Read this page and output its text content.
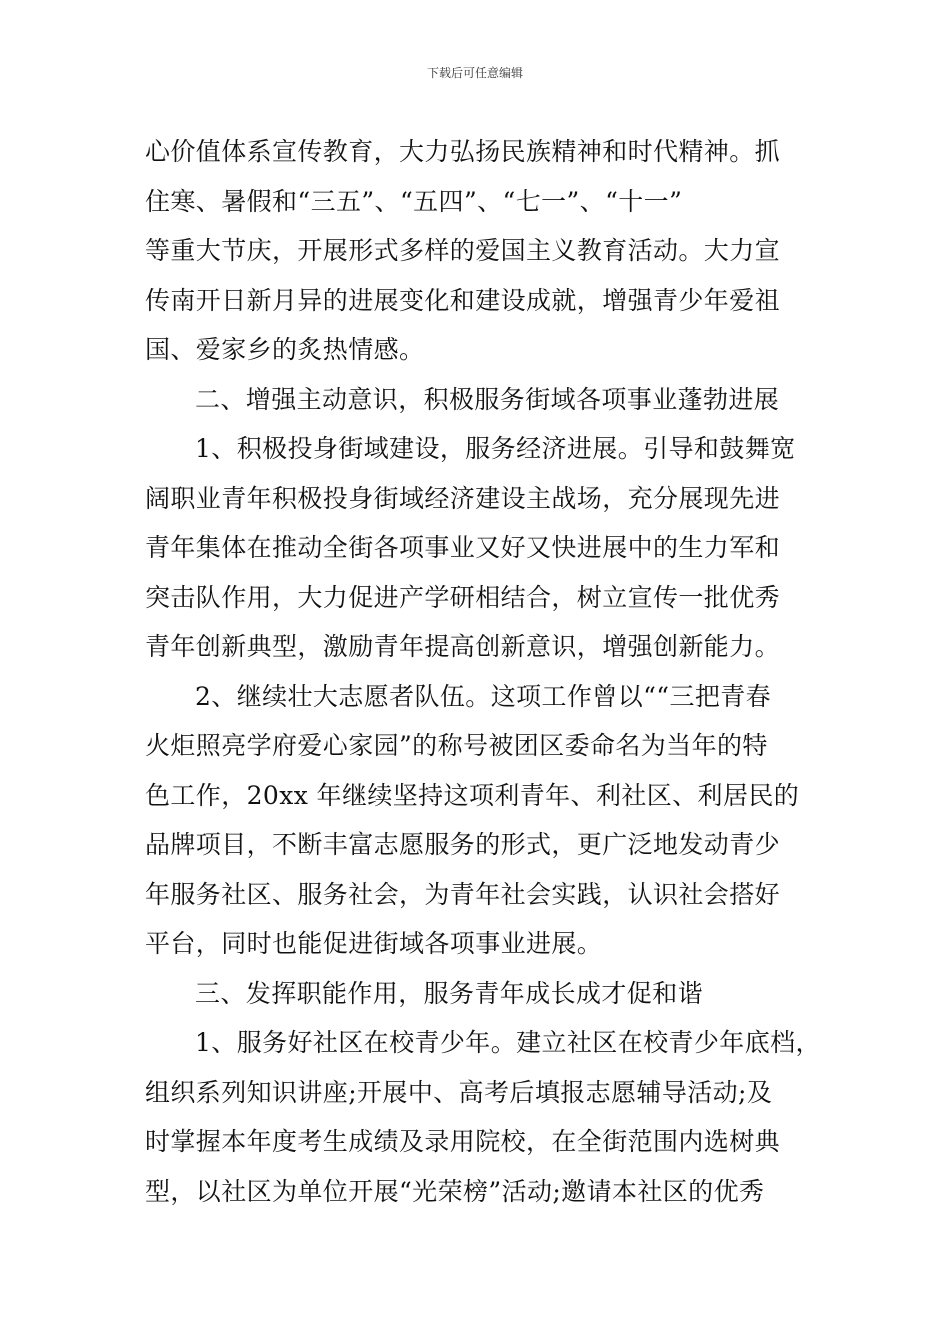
下载后可任意编辑
心价值体系宣传教育，大力弘扬民族精神和时代精神。抓
住寒、暑假和“三五”、“五四”、“七一”、“十一”
等重大节庆，开展形式多样的爱国主义教育活动。大力宣
传南开日新月异的进展变化和建设成就，增强青少年爱祖
国、爱家乡的炙热情感。
二、增强主动意识，积极服务街域各项事业蓬勃进展
1、积极投身街域建设，服务经济进展。引导和鼓舞宽
阔职业青年积极投身街域经济建设主战场，充分展现先进
青年集体在推动全街各项事业又好又快进展中的生力军和
突击队作用，大力促进产学研相结合，树立宣传一批优秀
青年创新典型，激励青年提高创新意识，增强创新能力。
2、继续壮大志愿者队伍。这项工作曾以““三把青春
火炬照亮学府爱心家园”的称号被团区委命名为当年的特
色工作，20xx 年继续坚持这项利青年、利社区、利居民的
品牌项目，不断丰富志愿服务的形式，更广泛地发动青少
年服务社区、服务社会，为青年社会实践，认识社会搭好
平台，同时也能促进街域各项事业进展。
三、发挥职能作用，服务青年成长成才促和谐
1、服务好社区在校青少年。建立社区在校青少年底档，
组织系列知识讲座;开展中、高考后填报志愿辅导活动;及
时掌握本年度考生成绩及录用院校，在全街范围内选树典
型，以社区为单位开展“光荣榜”活动;邀请本社区的优秀
